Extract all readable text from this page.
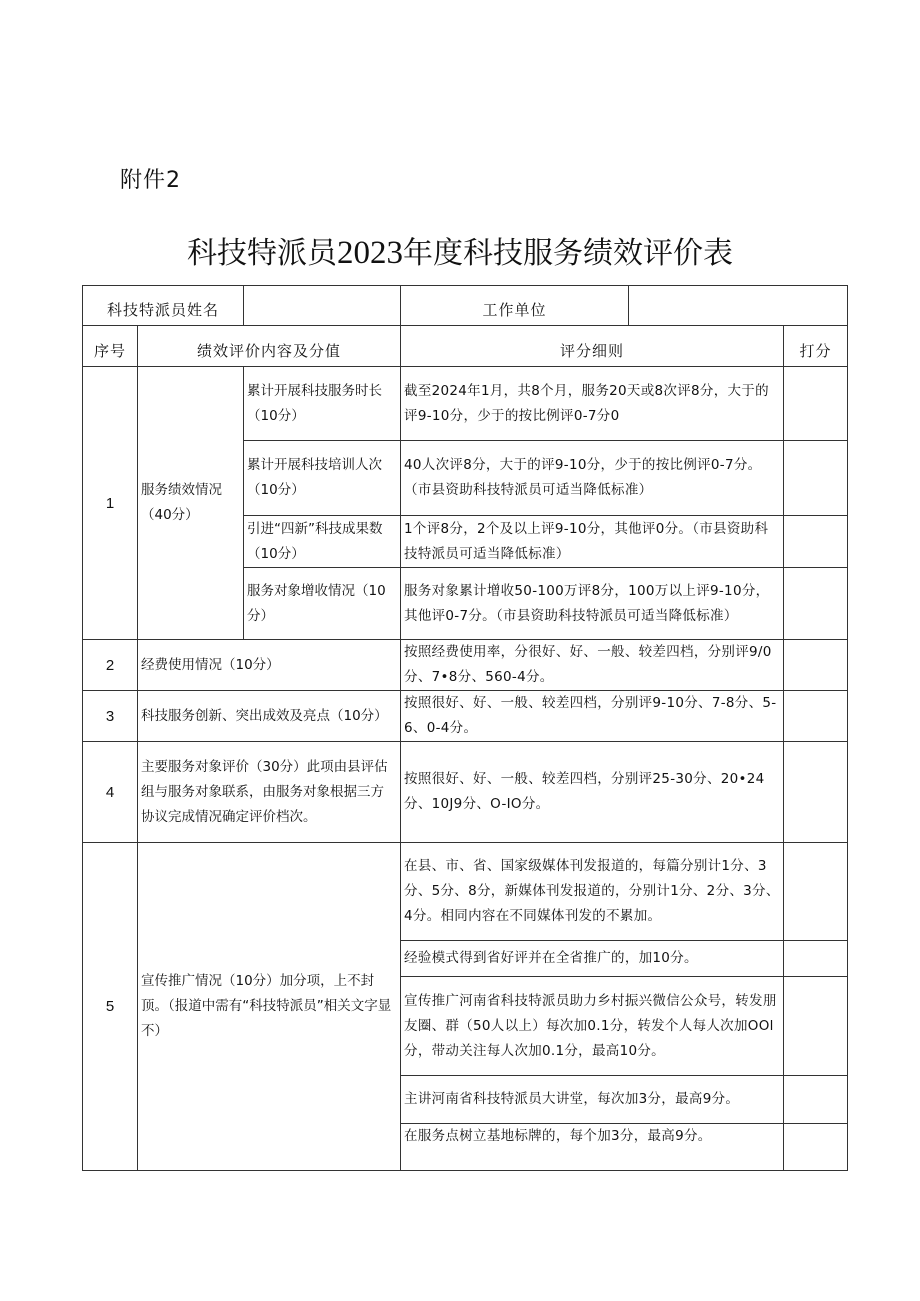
附件2
科技特派员2023年度科技服务绩效评价表
科技特派员姓名			工作单位		
序号	绩效评价内容及分值		评分细则		打分
1	服务绩效情况（40分）	累计开展科技服务时长（10分）	截至2024年1月，共8个月，服务20天或8次评8分，大于的评9-10分，少于的按比例评0-7分0		
		累计开展科技培训人次（10分）	40人次评8分，大于的评9-10分，少于的按比例评0-7分。（市县资助科技特派员可适当降低标准）		
		引进“四新”科技成果数（10分）	1个评8分，2个及以上评9-10分，其他评0分。（市县资助科技特派员可适当降低标准）		
		服务对象增收情况（10分）	服务对象累计增收50-100万评8分，100万以上评9-10分，其他评0-7分。（市县资助科技特派员可适当降低标准）		
2	经费使用情况（10分）		按照经费使用率，分很好、好、一般、较差四档，分别评9/0分、7•8分、560-4分。		
3	科技服务创新、突出成效及亮点（10分）		按照很好、好、一般、较差四档，分别评9-10分、7-8分、5-6、0-4分。		
4	主要服务对象评价（30分）此项由县评估组与服务对象联系，由服务对象根据三方协议完成情况确定评价档次。		按照很好、好、一般、较差四档，分别评25-30分、20•24分、10J9分、O-IO分。		
5	宣传推广情况（10分）加分项，上不封顶。（报道中需有“科技特派员”相关文字显不）		在县、市、省、国家级媒体刊发报道的，每篇分别计1分、3分、5分、8分，新媒体刊发报道的，分别计1分、2分、3分、4分。相同内容在不同媒体刊发的不累加。		
			经验模式得到省好评并在全省推广的，加10分。		
			宣传推广河南省科技特派员助力乡村振兴微信公众号，转发朋友圈、群（50人以上）每次加0.1分，转发个人每人次加OOl分，带动关注每人次加0.1分，最高10分。		
			主讲河南省科技特派员大讲堂，每次加3分，最高9分。		
			在服务点树立基地标牌的，每个加3分，最高9分。		
